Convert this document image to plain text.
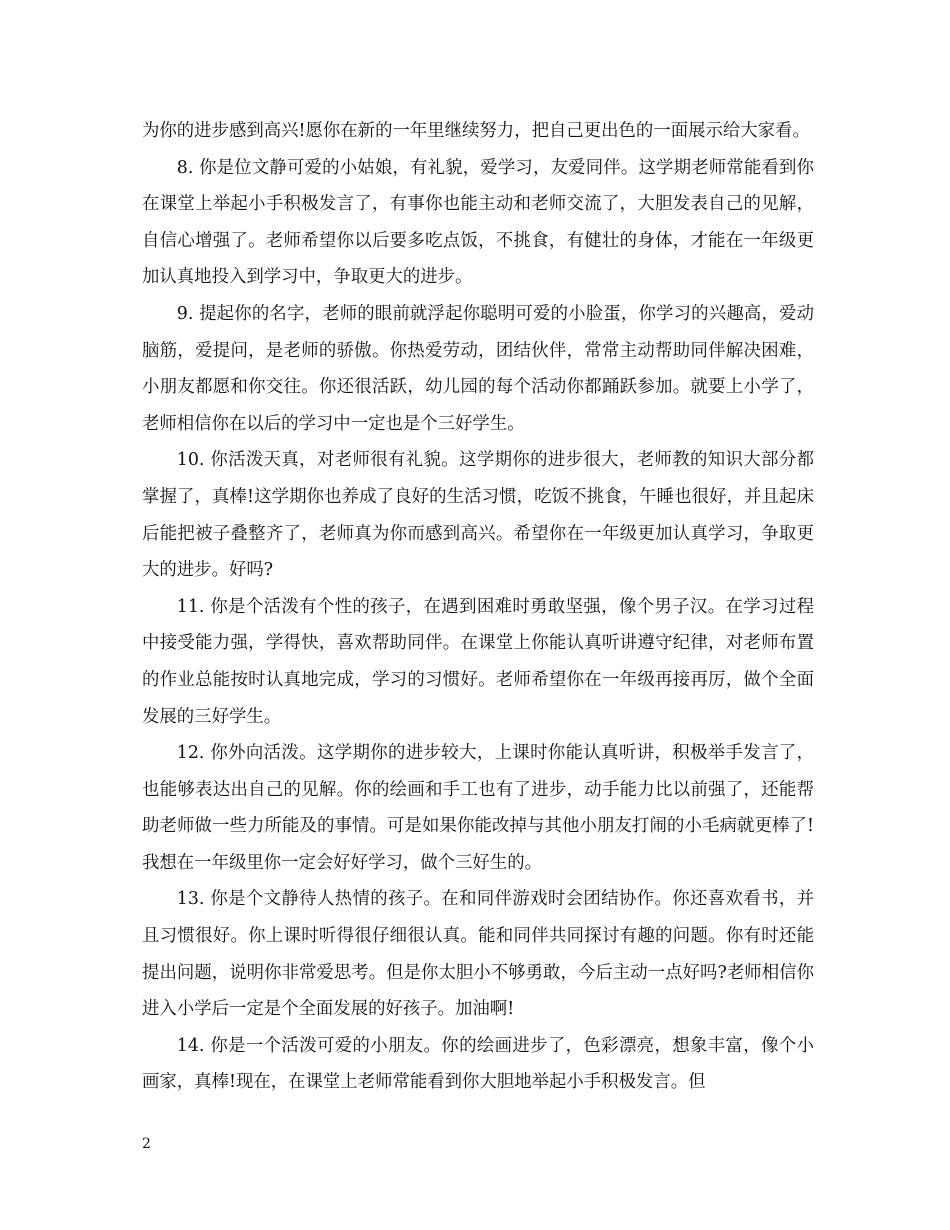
为你的进步感到高兴!愿你在新的一年里继续努力，把自己更出色的一面展示给大家看。

8. 你是位文静可爱的小姑娘，有礼貌，爱学习，友爱同伴。这学期老师常能看到你在课堂上举起小手积极发言了，有事你也能主动和老师交流了，大胆发表自己的见解，自信心增强了。老师希望你以后要多吃点饭，不挑食，有健壮的身体，才能在一年级更加认真地投入到学习中，争取更大的进步。

9. 提起你的名字，老师的眼前就浮起你聪明可爱的小脸蛋，你学习的兴趣高，爱动脑筋，爱提问，是老师的骄傲。你热爱劳动，团结伙伴，常常主动帮助同伴解决困难，小朋友都愿和你交往。你还很活跃，幼儿园的每个活动你都踊跃参加。就要上小学了，老师相信你在以后的学习中一定也是个三好学生。

10. 你活泼天真，对老师很有礼貌。这学期你的进步很大，老师教的知识大部分都掌握了，真棒!这学期你也养成了良好的生活习惯，吃饭不挑食，午睡也很好，并且起床后能把被子叠整齐了，老师真为你而感到高兴。希望你在一年级更加认真学习，争取更大的进步。好吗?

11. 你是个活泼有个性的孩子，在遇到困难时勇敢坚强，像个男子汉。在学习过程中接受能力强，学得快，喜欢帮助同伴。在课堂上你能认真听讲遵守纪律，对老师布置的作业总能按时认真地完成，学习的习惯好。老师希望你在一年级再接再厉，做个全面发展的三好学生。

12. 你外向活泼。这学期你的进步较大，上课时你能认真听讲，积极举手发言了，也能够表达出自己的见解。你的绘画和手工也有了进步，动手能力比以前强了，还能帮助老师做一些力所能及的事情。可是如果你能改掉与其他小朋友打闹的小毛病就更棒了!我想在一年级里你一定会好好学习，做个三好生的。

13. 你是个文静待人热情的孩子。在和同伴游戏时会团结协作。你还喜欢看书，并且习惯很好。你上课时听得很仔细很认真。能和同伴共同探讨有趣的问题。你有时还能提出问题，说明你非常爱思考。但是你太胆小不够勇敢，今后主动一点好吗?老师相信你进入小学后一定是个全面发展的好孩子。加油啊!

14. 你是一个活泼可爱的小朋友。你的绘画进步了，色彩漂亮，想象丰富，像个小画家，真棒!现在，在课堂上老师常能看到你大胆地举起小手积极发言。但

2
